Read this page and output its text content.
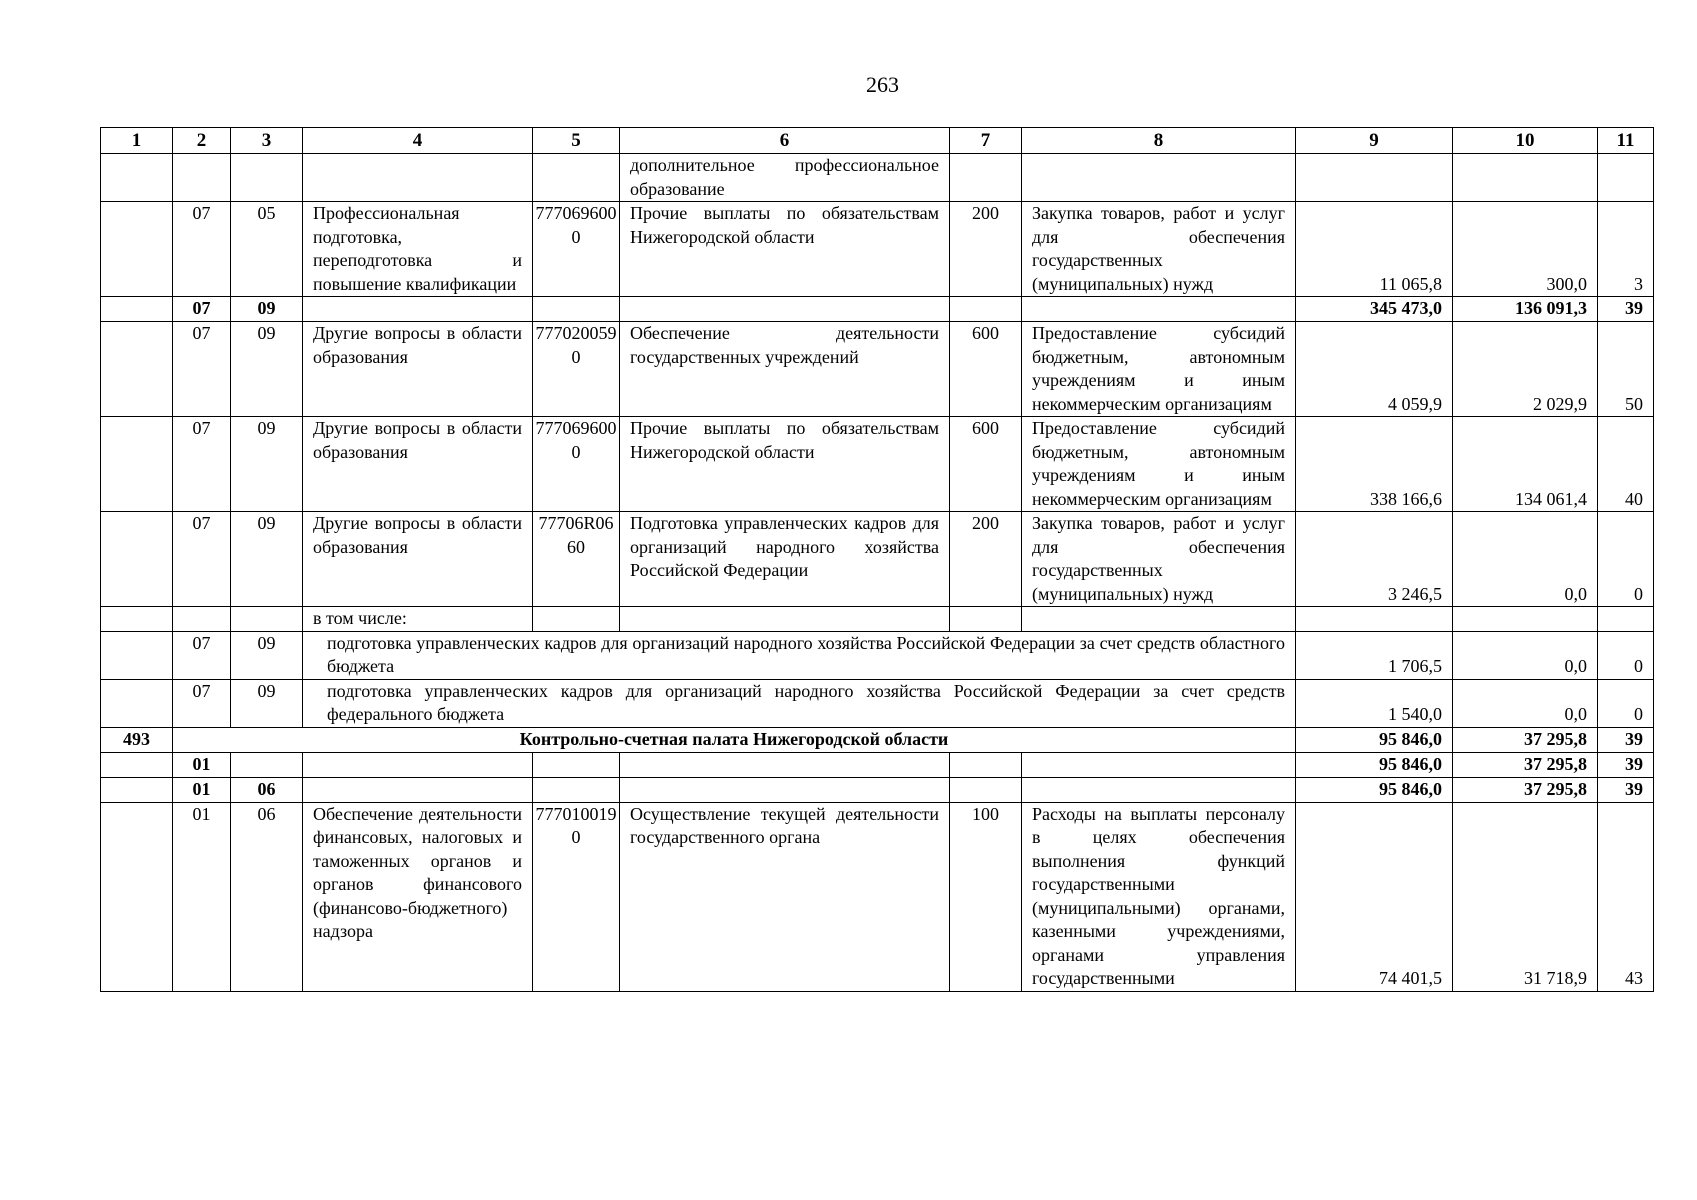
263
1	2	3	4	5	6	7	8	9	10	11
					дополнительное профессиональное образование					
	07	05	Профессиональная подготовка, переподготовка и повышение квалификации	7770696000	Прочие выплаты по обязательствам Нижегородской области	200	Закупка товаров, работ и услуг для обеспечения государственных (муниципальных) нужд	11 065,8	300,0	3
	07	09						345 473,0	136 091,3	39
	07	09	Другие вопросы в области образования	7770200590	Обеспечение деятельности государственных учреждений	600	Предоставление субсидий бюджетным, автономным учреждениям и иным некоммерческим организациям	4 059,9	2 029,9	50
	07	09	Другие вопросы в области образования	7770696000	Прочие выплаты по обязательствам Нижегородской области	600	Предоставление субсидий бюджетным, автономным учреждениям и иным некоммерческим организациям	338 166,6	134 061,4	40
	07	09	Другие вопросы в области образования	77706R0660	Подготовка управленческих кадров для организаций народного хозяйства Российской Федерации	200	Закупка товаров, работ и услуг для обеспечения государственных (муниципальных) нужд	3 246,5	0,0	0
			в том числе:							
	07	09	подготовка управленческих кадров для организаций народного хозяйства Российской Федерации за счет средств областного бюджета					1 706,5	0,0	0
	07	09	подготовка управленческих кадров для организаций народного хозяйства Российской Федерации за счет средств федерального бюджета					1 540,0	0,0	0
493	Контрольно-счетная палата Нижегородской области							95 846,0	37 295,8	39
	01							95 846,0	37 295,8	39
	01	06						95 846,0	37 295,8	39
	01	06	Обеспечение деятельности финансовых, налоговых и таможенных органов и органов финансового (финансово-бюджетного) надзора	7770100190	Осуществление текущей деятельности государственного органа	100	Расходы на выплаты персоналу в целях обеспечения выполнения функций государственными (муниципальными) органами, казенными учреждениями, органами управления государственными	74 401,5	31 718,9	43
